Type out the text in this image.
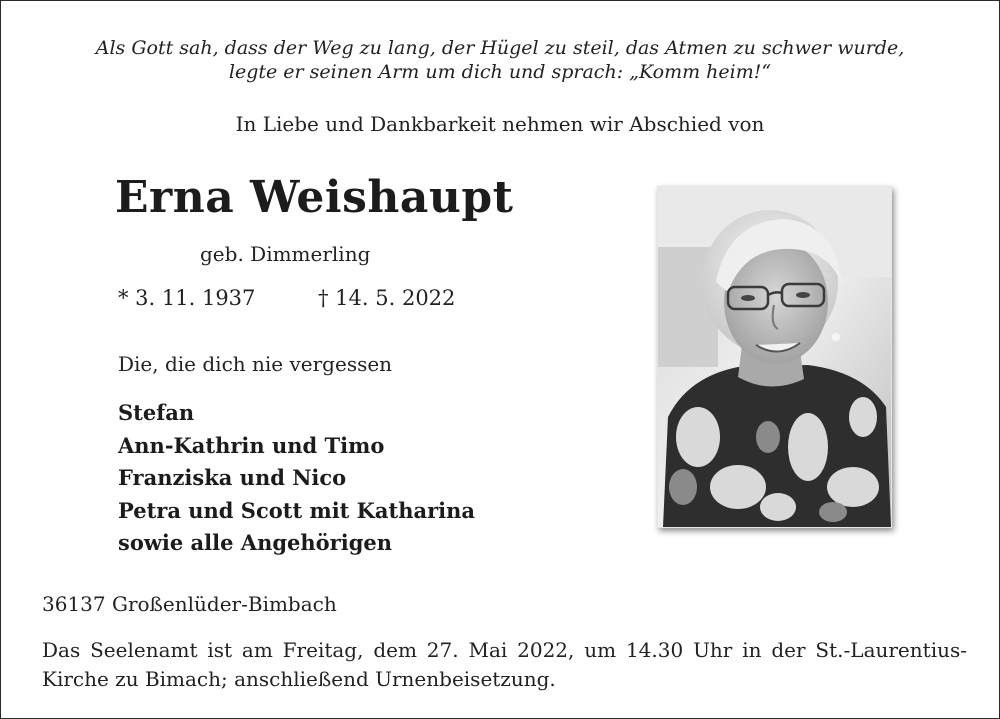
Als Gott sah, dass der Weg zu lang, der Hügel zu steil, das Atmen zu schwer wurde,
legte er seinen Arm um dich und sprach: „Komm heim!“
In Liebe und Dankbarkeit nehmen wir Abschied von
Erna Weishaupt
geb. Dimmerling
* 3. 11. 1937	† 14. 5. 2022
Die, die dich nie vergessen
Stefan
Ann-Kathrin und Timo
Franziska und Nico
Petra und Scott mit Katharina
sowie alle Angehörigen
36137 Großenlüder-Bimbach
Das Seelenamt ist am Freitag, dem 27. Mai 2022, um 14.30 Uhr in der St.-Laurentius-
Kirche zu Bimach; anschließend Urnenbeisetzung.
